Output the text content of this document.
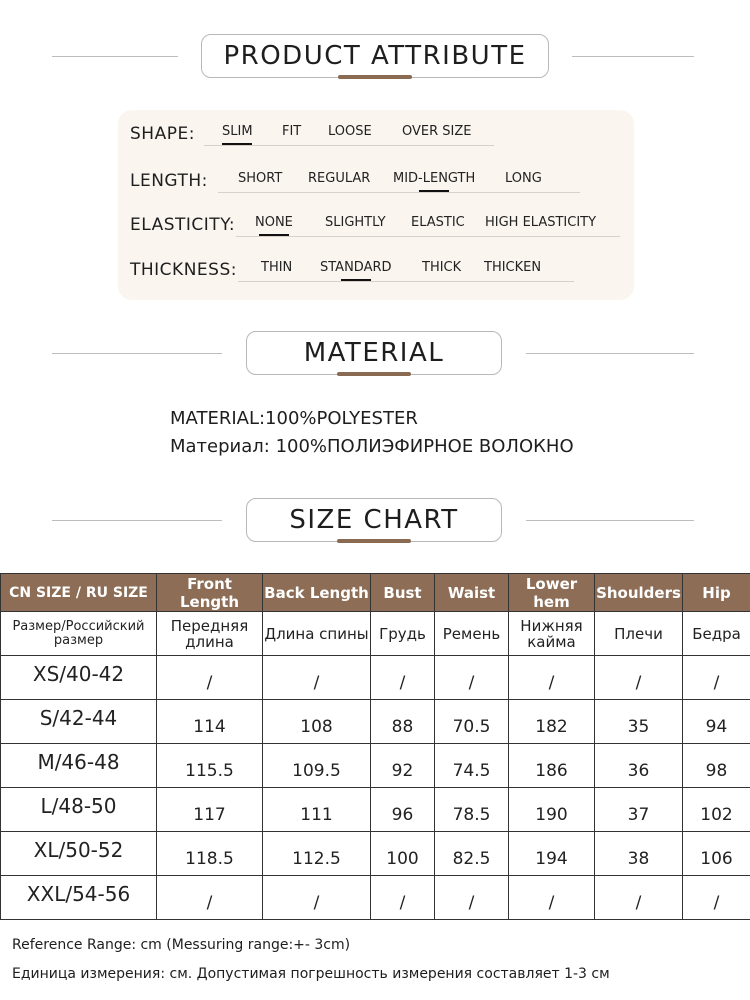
PRODUCT ATTRIBUTE
SHAPE: SLIM FIT LOOSE OVER SIZE
LENGTH: SHORT REGULAR MID-LENGTH LONG
ELASTICITY: NONE SLIGHTLY ELASTIC HIGH ELASTICITY
THICKNESS: THIN STANDARD THICK THICKEN
MATERIAL
MATERIAL:100%POLYESTER
Материал: 100%ПОЛИЭФИРНОЕ ВОЛОКНО
SIZE CHART
CN SIZE / RU SIZE	Front Length	Back Length	Bust	Waist	Lower hem	Shoulders	Hip
Размер/Российский размер	Передняя длина	Длина спины	Грудь	Ремень	Нижняя кайма	Плечи	Бедра
XS/40-42	/	/	/	/	/	/	/
S/42-44	114	108	88	70.5	182	35	94
M/46-48	115.5	109.5	92	74.5	186	36	98
L/48-50	117	111	96	78.5	190	37	102
XL/50-52	118.5	112.5	100	82.5	194	38	106
XXL/54-56	/	/	/	/	/	/	/
Reference Range: cm (Messuring range:+- 3cm)
Единица измерения: см. Допустимая погрешность измерения составляет 1-3 см
